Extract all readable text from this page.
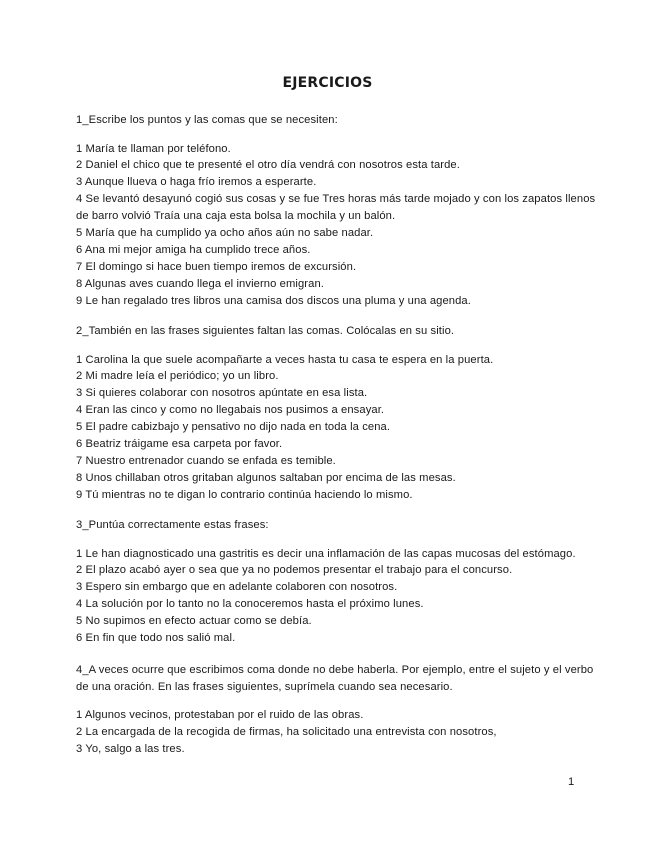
EJERCICIOS

1_Escribe los puntos y las comas que se necesiten:

1 María te llaman por teléfono.
2 Daniel el chico que te presenté el otro día vendrá con nosotros esta tarde.
3 Aunque llueva o haga frío iremos a esperarte.
4 Se levantó desayunó cogió sus cosas y se fue Tres horas más tarde mojado y con los zapatos llenos de barro volvió Traía una caja esta bolsa la mochila y un balón.
5 María que ha cumplido ya ocho años aún no sabe nadar.
6 Ana mi mejor amiga ha cumplido trece años.
7 El domingo si hace buen tiempo iremos de excursión.
8 Algunas aves cuando llega el invierno emigran.
9 Le han regalado tres libros una camisa dos discos una pluma y una agenda.

2_También en las frases siguientes faltan las comas. Colócalas en su sitio.

1 Carolina la que suele acompañarte a veces hasta tu casa te espera en la puerta.
2 Mi madre leía el periódico; yo un libro.
3 Si quieres colaborar con nosotros apúntate en esa lista.
4 Eran las cinco y como no llegabais nos pusimos a ensayar.
5 El padre cabizbajo y pensativo no dijo nada en toda la cena.
6 Beatriz tráigame esa carpeta por favor.
7 Nuestro entrenador cuando se enfada es temible.
8 Unos chillaban otros gritaban algunos saltaban por encima de las mesas.
9 Tú mientras no te digan lo contrario continúa haciendo lo mismo.

3_Puntúa correctamente estas frases:

1 Le han diagnosticado una gastritis es decir una inflamación de las capas mucosas del estómago.
2 El plazo acabó ayer o sea que ya no podemos presentar el trabajo para el concurso.
3 Espero sin embargo que en adelante colaboren con nosotros.
4 La solución por lo tanto no la conoceremos hasta el próximo lunes.
5 No supimos en efecto actuar como se debía.
6 En fin que todo nos salió mal.

4_A veces ocurre que escribimos coma donde no debe haberla. Por ejemplo, entre el sujeto y el verbo de una oración. En las frases siguientes, suprímela cuando sea necesario.

1 Algunos vecinos, protestaban por el ruido de las obras.
2 La encargada de la recogida de firmas, ha solicitado una entrevista con nosotros,
3 Yo, salgo a las tres.
1
